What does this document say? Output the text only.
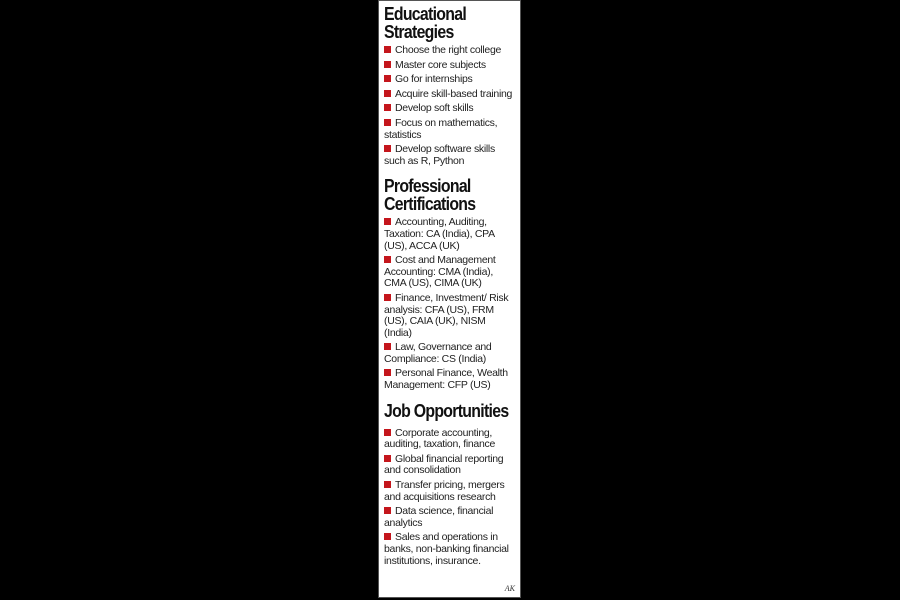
Educational
Strategies
Choose the right college
Master core subjects
Go for internships
Acquire skill-based training
Develop soft skills
Focus on mathematics, statistics
Develop software skills such as R, Python
Professional
Certifications
Accounting, Auditing, Taxation: CA (India), CPA (US), ACCA (UK)
Cost and Management Accounting: CMA (India), CMA (US), CIMA (UK)
Finance, Investment/ Risk analysis: CFA (US), FRM (US), CAIA (UK), NISM (India)
Law, Governance and Compliance: CS (India)
Personal Finance, Wealth Management: CFP (US)
Job Opportunities
Corporate accounting, auditing, taxation, finance
Global financial reporting and consolidation
Transfer pricing, mergers and acquisitions research
Data science, financial analytics
Sales and operations in banks, non-banking financial institutions, insurance.
AK
